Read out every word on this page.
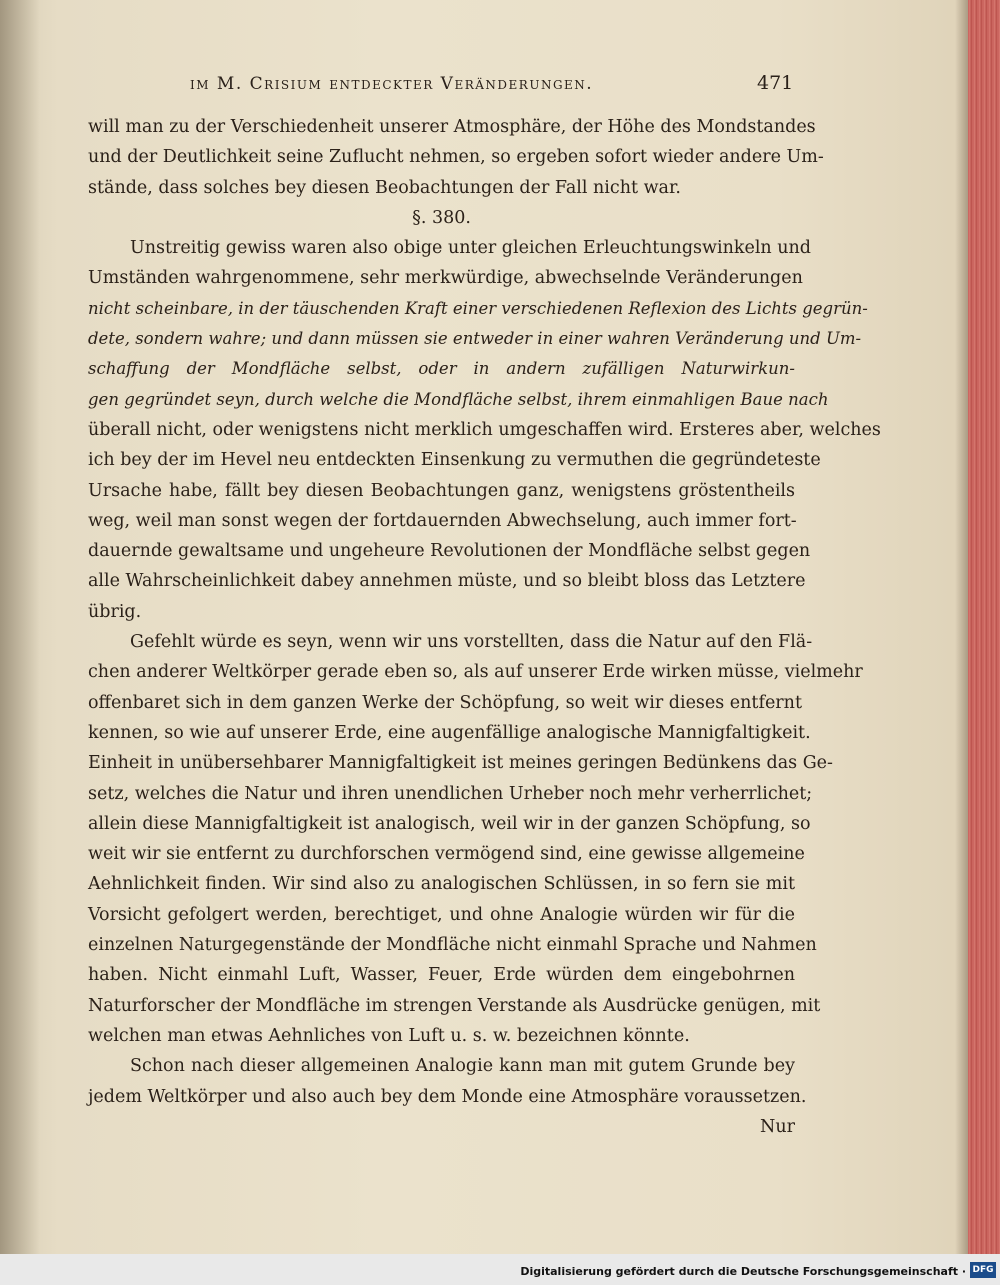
im M. Crisium entdeckter Veränderungen.	471
will man zu der Verschiedenheit unserer Atmosphäre, der Höhe des Mondstandes
und der Deutlichkeit seine Zuflucht nehmen, so ergeben sofort wieder andere Um-
stände, dass solches bey diesen Beobachtungen der Fall nicht war.
§. 380.
Unstreitig gewiss waren also obige unter gleichen Erleuchtungswinkeln und
Umständen wahrgenommene, sehr merkwürdige, abwechselnde Veränderungen
nicht scheinbare, in der täuschenden Kraft einer verschiedenen Reflexion des Lichts gegrün-
dete, sondern wahre; und dann müssen sie entweder in einer wahren Veränderung und Um-
schaffung der Mondfläche selbst, oder in andern zufälligen Naturwirkun-
gen gegründet seyn, durch welche die Mondfläche selbst, ihrem einmahligen Baue nach
überall nicht, oder wenigstens nicht merklich umgeschaffen wird. Ersteres aber, welches
ich bey der im Hevel neu entdeckten Einsenkung zu vermuthen die gegründeteste
Ursache habe, fällt bey diesen Beobachtungen ganz, wenigstens gröstentheils
weg, weil man sonst wegen der fortdauernden Abwechselung, auch immer fort-
dauernde gewaltsame und ungeheure Revolutionen der Mondfläche selbst gegen
alle Wahrscheinlichkeit dabey annehmen müste, und so bleibt bloss das Letztere
übrig.
Gefehlt würde es seyn, wenn wir uns vorstellten, dass die Natur auf den Flä-
chen anderer Weltkörper gerade eben so, als auf unserer Erde wirken müsse, vielmehr
offenbaret sich in dem ganzen Werke der Schöpfung, so weit wir dieses entfernt
kennen, so wie auf unserer Erde, eine augenfällige analogische Mannigfaltigkeit.
Einheit in unübersehbarer Mannigfaltigkeit ist meines geringen Bedünkens das Ge-
setz, welches die Natur und ihren unendlichen Urheber noch mehr verherrlichet;
allein diese Mannigfaltigkeit ist analogisch, weil wir in der ganzen Schöpfung, so
weit wir sie entfernt zu durchforschen vermögend sind, eine gewisse allgemeine
Aehnlichkeit finden. Wir sind also zu analogischen Schlüssen, in so fern sie mit
Vorsicht gefolgert werden, berechtiget, und ohne Analogie würden wir für die
einzelnen Naturgegenstände der Mondfläche nicht einmahl Sprache und Nahmen
haben. Nicht einmahl Luft, Wasser, Feuer, Erde würden dem eingebohrnen
Naturforscher der Mondfläche im strengen Verstande als Ausdrücke genügen, mit
welchen man etwas Aehnliches von Luft u. s. w. bezeichnen könnte.
Schon nach dieser allgemeinen Analogie kann man mit gutem Grunde bey
jedem Weltkörper und also auch bey dem Monde eine Atmosphäre voraussetzen.
Nur
Digitalisierung gefördert durch die Deutsche Forschungsgemeinschaft · DFG
